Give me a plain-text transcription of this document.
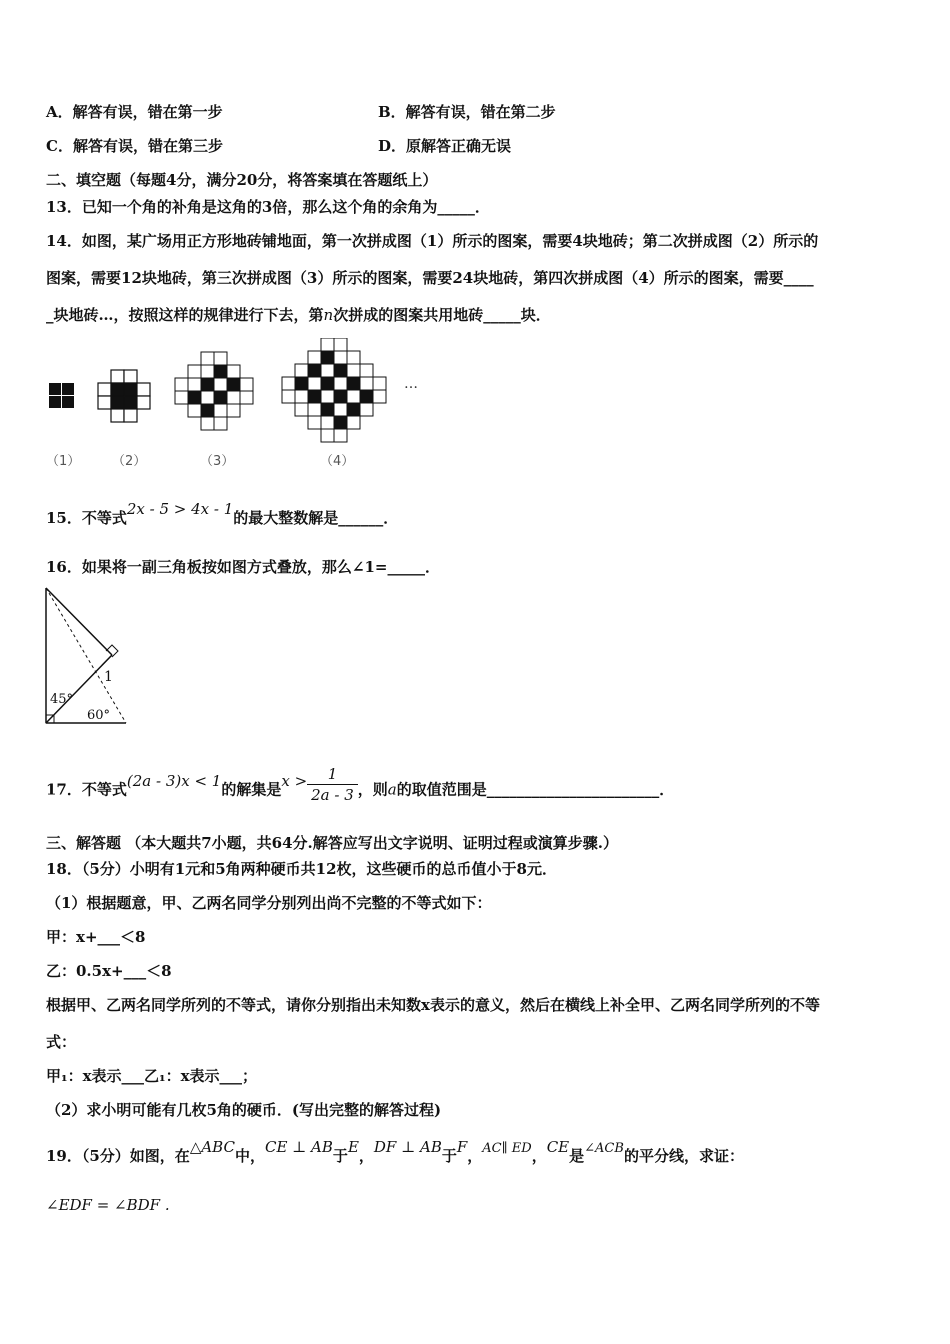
A．解答有误，错在第一步	B．解答有误，错在第二步
C．解答有误，错在第三步	D．原解答正确无误
二、填空题（每题4分，满分20分，将答案填在答题纸上）
13．已知一个角的补角是这角的3倍，那么这个角的余角为_____．
14．如图，某广场用正方形地砖铺地面，第一次拼成图（1）所示的图案，需要4块地砖；第二次拼成图（2）所示的
图案，需要12块地砖，第三次拼成图（3）所示的图案，需要24块地砖，第四次拼成图（4）所示的图案，需要____
_块地砖…，按照这样的规律进行下去，第n次拼成的图案共用地砖_____块．
…
（1） （2）	（3）	（4）
15．不等式2x - 5 > 4x - 1的最大整数解是______．
16．如果将一副三角板按如图方式叠放，那么∠1=_____．
45°
60°
1
17．不等式(2a - 3)x < 1的解集是$x > \frac{1}{2a - 3}$ ，则a的取值范围是_______________________．
三、解答题 （本大题共7小题，共64分.解答应写出文字说明、证明过程或演算步骤.）
18．（5分）小明有1元和5角两种硬币共12枚，这些硬币的总币值小于8元．
（1）根据题意，甲、乙两名同学分别列出尚不完整的不等式如下：
甲：x+___＜8
乙：0.5x+___＜8
根据甲、乙两名同学所列的不等式，请你分别指出未知数x表示的意义，然后在横线上补全甲、乙两名同学所列的不等
式：
甲₁：x表示___乙₁：x表示___；
（2）求小明可能有几枚5角的硬币．(写出完整的解答过程)
19．（5分）如图，在△ABC中，CE ⊥ AB于E，DF ⊥ AB于F，AC∥ ED，CE是∠ACB的平分线，求证：
∠EDF = ∠BDF .
